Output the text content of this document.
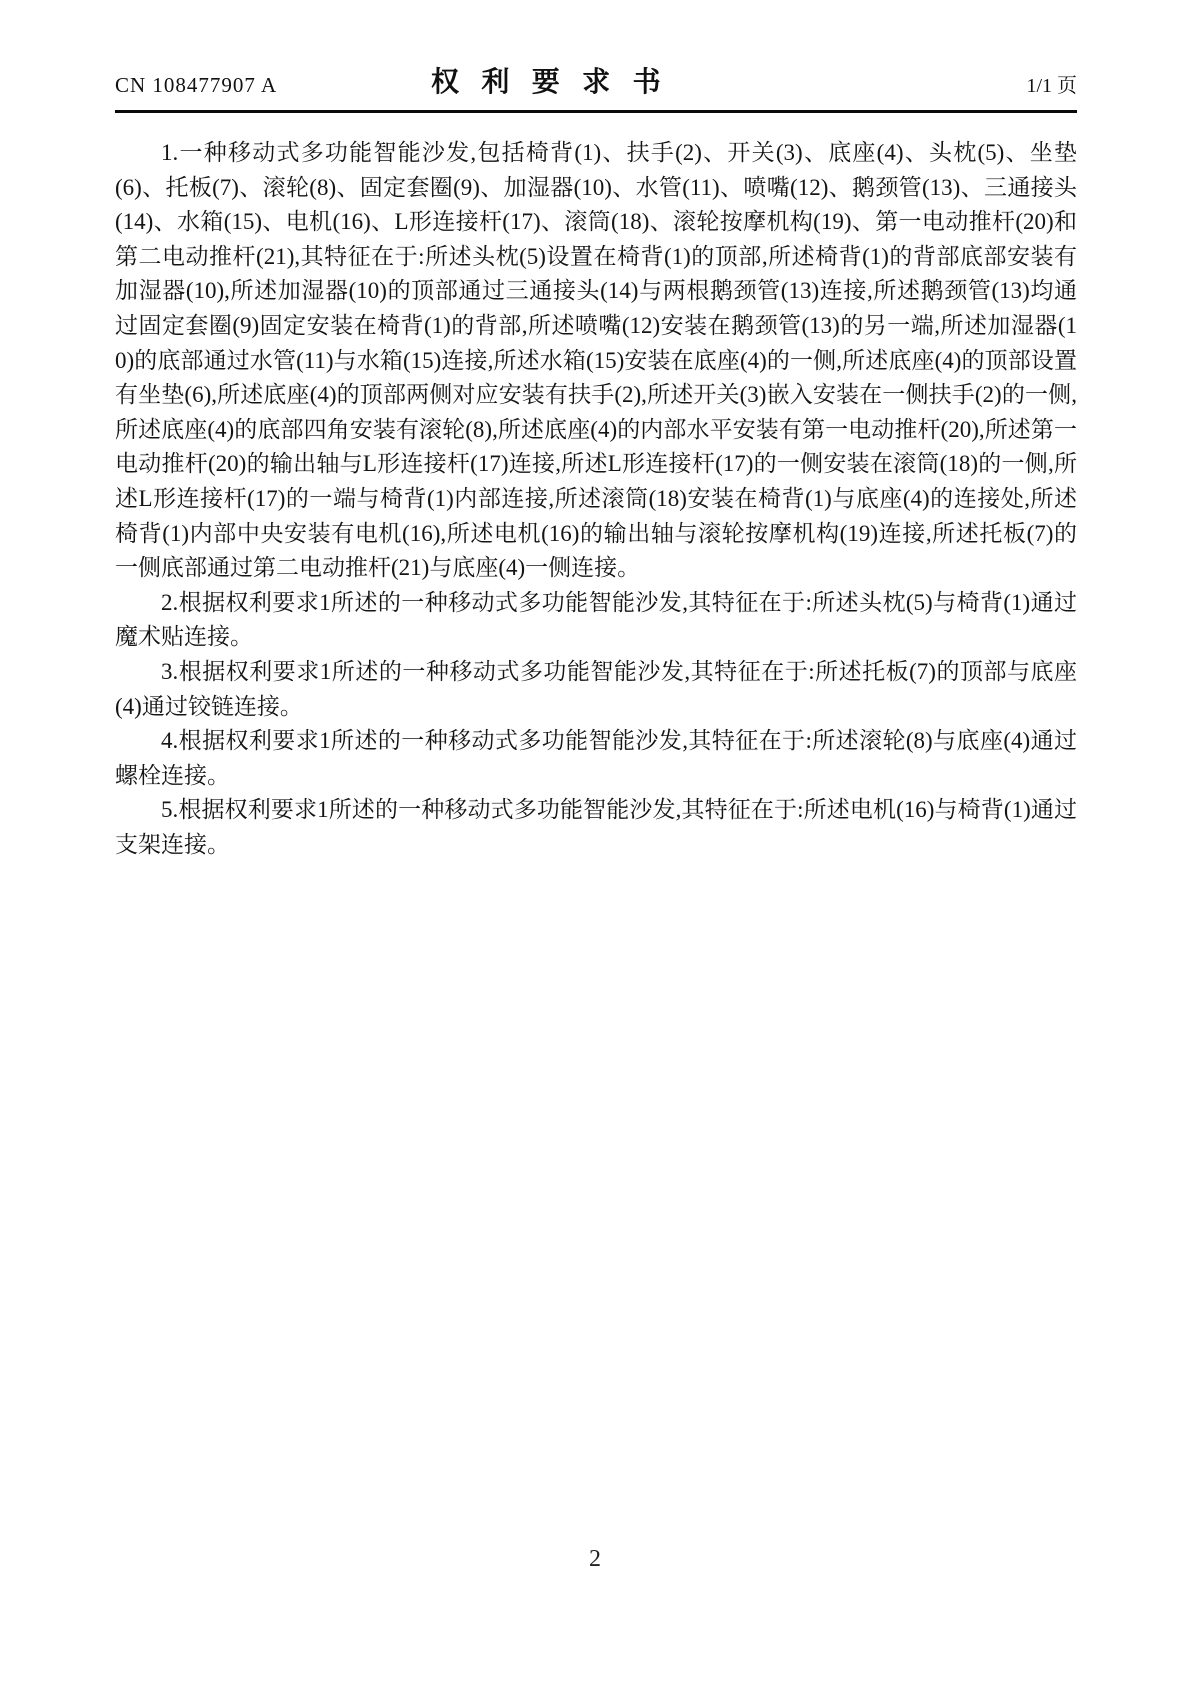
CN 108477907 A	权利要求书	1/1 页

1.一种移动式多功能智能沙发,包括椅背(1)、扶手(2)、开关(3)、底座(4)、头枕(5)、坐垫(6)、托板(7)、滚轮(8)、固定套圈(9)、加湿器(10)、水管(11)、喷嘴(12)、鹅颈管(13)、三通接头(14)、水箱(15)、电机(16)、L形连接杆(17)、滚筒(18)、滚轮按摩机构(19)、第一电动推杆(20)和第二电动推杆(21),其特征在于:所述头枕(5)设置在椅背(1)的顶部,所述椅背(1)的背部底部安装有加湿器(10),所述加湿器(10)的顶部通过三通接头(14)与两根鹅颈管(13)连接,所述鹅颈管(13)均通过固定套圈(9)固定安装在椅背(1)的背部,所述喷嘴(12)安装在鹅颈管(13)的另一端,所述加湿器(10)的底部通过水管(11)与水箱(15)连接,所述水箱(15)安装在底座(4)的一侧,所述底座(4)的顶部设置有坐垫(6),所述底座(4)的顶部两侧对应安装有扶手(2),所述开关(3)嵌入安装在一侧扶手(2)的一侧,所述底座(4)的底部四角安装有滚轮(8),所述底座(4)的内部水平安装有第一电动推杆(20),所述第一电动推杆(20)的输出轴与L形连接杆(17)连接,所述L形连接杆(17)的一侧安装在滚筒(18)的一侧,所述L形连接杆(17)的一端与椅背(1)内部连接,所述滚筒(18)安装在椅背(1)与底座(4)的连接处,所述椅背(1)内部中央安装有电机(16),所述电机(16)的输出轴与滚轮按摩机构(19)连接,所述托板(7)的一侧底部通过第二电动推杆(21)与底座(4)一侧连接。

2.根据权利要求1所述的一种移动式多功能智能沙发,其特征在于:所述头枕(5)与椅背(1)通过魔术贴连接。

3.根据权利要求1所述的一种移动式多功能智能沙发,其特征在于:所述托板(7)的顶部与底座(4)通过铰链连接。

4.根据权利要求1所述的一种移动式多功能智能沙发,其特征在于:所述滚轮(8)与底座(4)通过螺栓连接。

5.根据权利要求1所述的一种移动式多功能智能沙发,其特征在于:所述电机(16)与椅背(1)通过支架连接。

2
